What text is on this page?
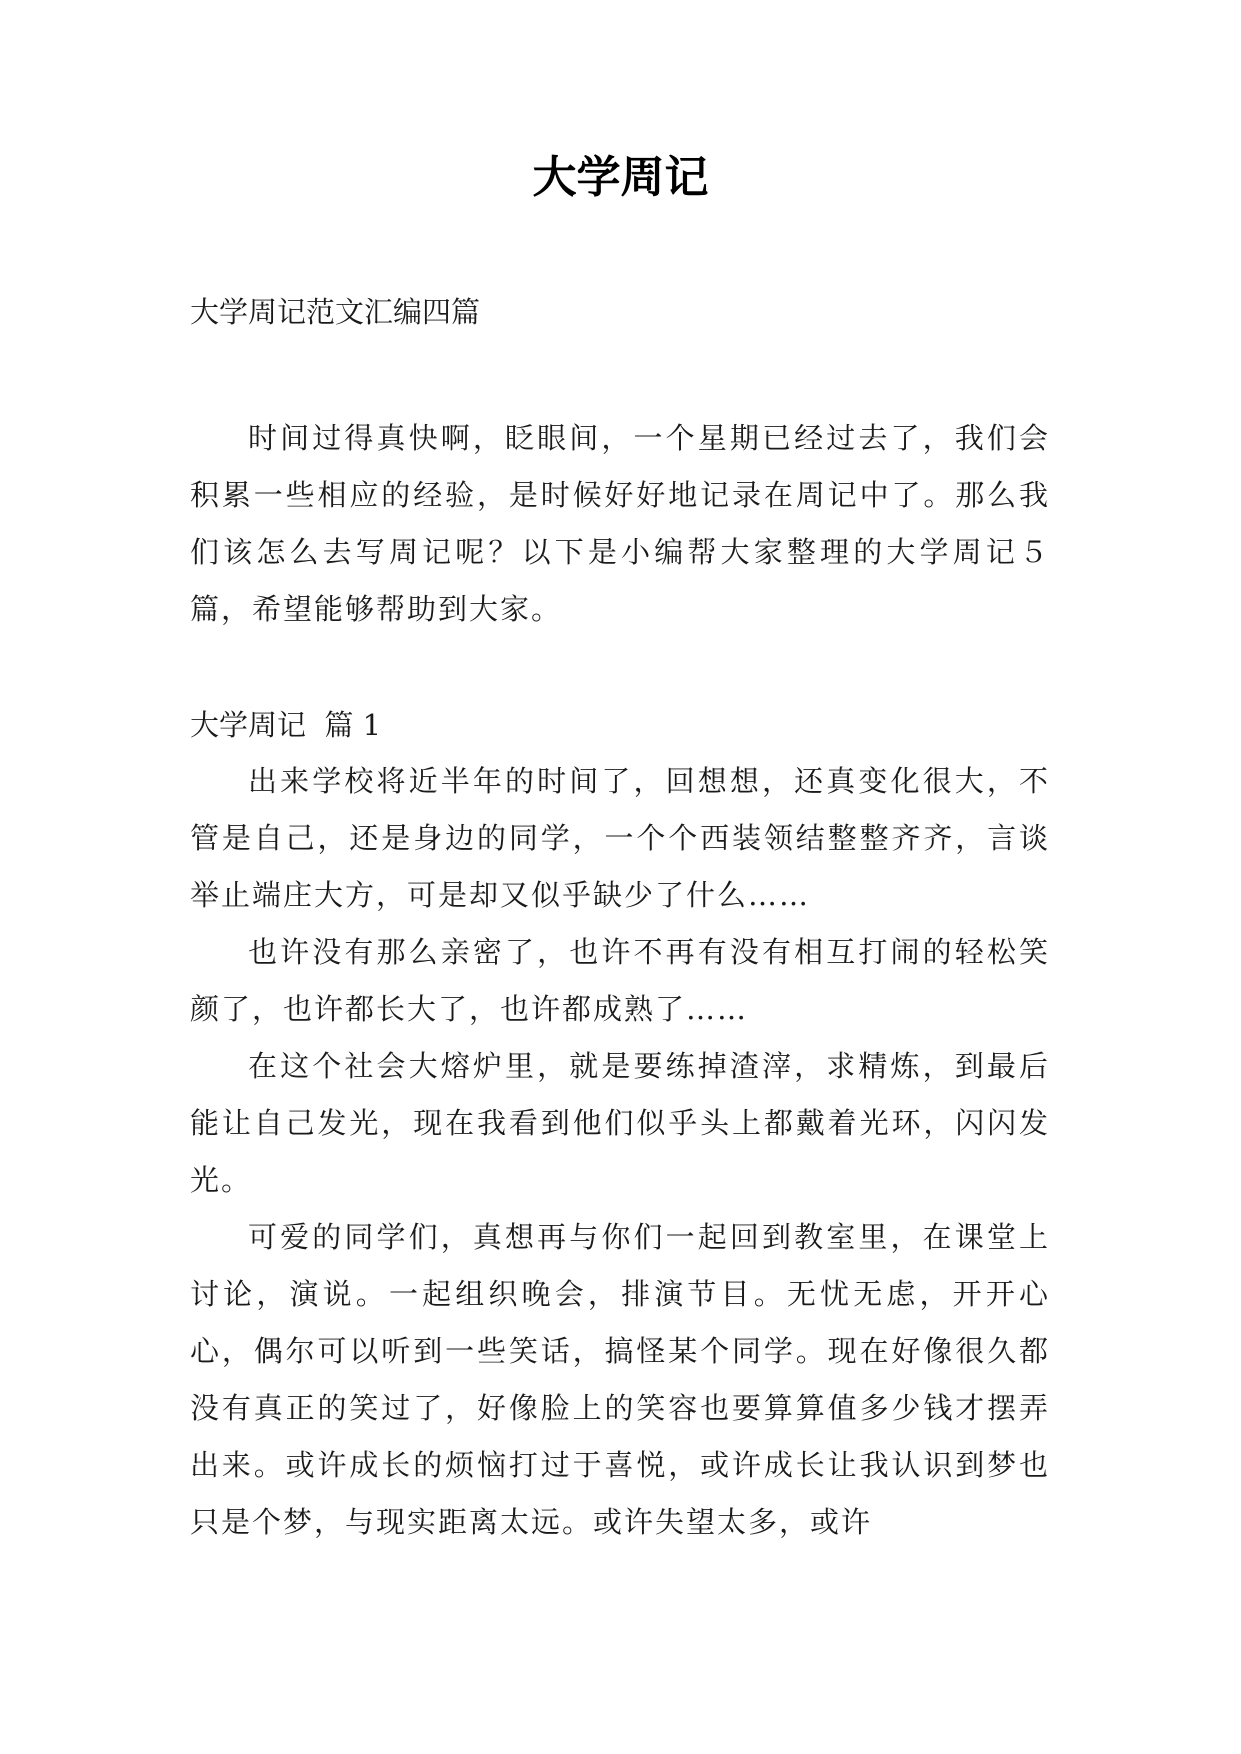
大学周记

大学周记范文汇编四篇

时间过得真快啊，眨眼间，一个星期已经过去了，我们会积累一些相应的经验，是时候好好地记录在周记中了。那么我们该怎么去写周记呢？以下是小编帮大家整理的大学周记５篇，希望能够帮助到大家。

大学周记  篇 1

出来学校将近半年的时间了，回想想，还真变化很大，不管是自己，还是身边的同学，一个个西装领结整整齐齐，言谈举止端庄大方，可是却又似乎缺少了什么……

也许没有那么亲密了，也许不再有没有相互打闹的轻松笑颜了，也许都长大了，也许都成熟了……

在这个社会大熔炉里，就是要练掉渣滓，求精炼，到最后能让自己发光，现在我看到他们似乎头上都戴着光环，闪闪发光。

可爱的同学们，真想再与你们一起回到教室里，在课堂上讨论，演说。一起组织晚会，排演节目。无忧无虑，开开心心，偶尔可以听到一些笑话，搞怪某个同学。现在好像很久都没有真正的笑过了，好像脸上的笑容也要算算值多少钱才摆弄出来。或许成长的烦恼打过于喜悦，或许成长让我认识到梦也只是个梦，与现实距离太远。或许失望太多，或许
